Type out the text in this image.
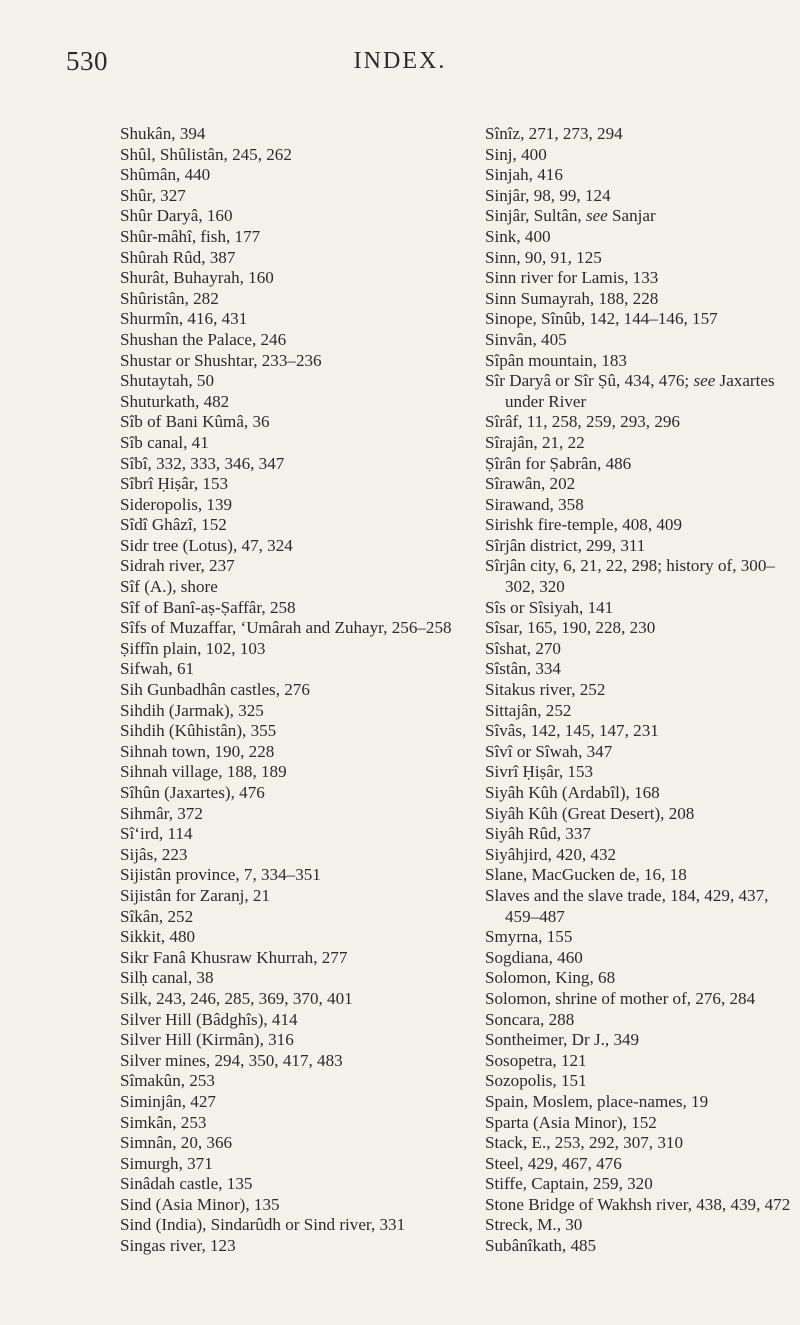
530	INDEX.

Shukân, 394

Shûl, Shûlistân, 245, 262

Shûmân, 440

Shûr, 327

Shûr Daryâ, 160

Shûr-mâhî, fish, 177

Shûrah Rûd, 387

Shurât, Buhayrah, 160

Shûristân, 282

Shurmîn, 416, 431

Shushan the Palace, 246

Shustar or Shushtar, 233–236

Shutaytah, 50

Shuturkath, 482

Sîb of Bani Kûmâ, 36

Sîb canal, 41

Sîbî, 332, 333, 346, 347

Sîbrî Ḥiṣâr, 153

Sideropolis, 139

Sîdî Ghâzî, 152

Sidr tree (Lotus), 47, 324

Sidrah river, 237

Sîf (A.), shore

Sîf of Banî-aṣ-Ṣaffâr, 258

Sîfs of Muzaffar, ‘Umârah and Zuhayr, 256–258

Ṣiffîn plain, 102, 103

Sifwah, 61

Sih Gunbadhân castles, 276

Sihdih (Jarmak), 325

Sihdih (Kûhistân), 355

Sihnah town, 190, 228

Sihnah village, 188, 189

Sîhûn (Jaxartes), 476

Sihmâr, 372

Sî‘ird, 114

Sijâs, 223

Sijistân province, 7, 334–351

Sijistân for Zaranj, 21

Sîkân, 252

Sikkit, 480

Sikr Fanâ Khusraw Khurrah, 277

Silḥ canal, 38

Silk, 243, 246, 285, 369, 370, 401

Silver Hill (Bâdghîs), 414

Silver Hill (Kirmân), 316

Silver mines, 294, 350, 417, 483

Sîmakûn, 253

Siminjân, 427

Simkân, 253

Simnân, 20, 366

Simurgh, 371

Sinâdah castle, 135

Sind (Asia Minor), 135

Sind (India), Sindarûdh or Sind river, 331

Singas river, 123

Sînîz, 271, 273, 294

Sinj, 400

Sinjah, 416

Sinjâr, 98, 99, 124

Sinjâr, Sultân, see Sanjar

Sink, 400

Sinn, 90, 91, 125

Sinn river for Lamis, 133

Sinn Sumayrah, 188, 228

Sinope, Sînûb, 142, 144–146, 157

Sinvân, 405

Sîpân mountain, 183

Sîr Daryâ or Sîr Ṣû, 434, 476; see Jaxartes under River

Sîrâf, 11, 258, 259, 293, 296

Sîrajân, 21, 22

Ṣîrân for Ṣabrân, 486

Sîrawân, 202

Sirawand, 358

Sirishk fire-temple, 408, 409

Sîrjân district, 299, 311

Sîrjân city, 6, 21, 22, 298; history of, 300–302, 320

Sîs or Sîsiyah, 141

Sîsar, 165, 190, 228, 230

Sîshat, 270

Sîstân, 334

Sitakus river, 252

Sittajân, 252

Sîvâs, 142, 145, 147, 231

Sîvî or Sîwah, 347

Sivrî Ḥiṣâr, 153

Siyâh Kûh (Ardabîl), 168

Siyâh Kûh (Great Desert), 208

Siyâh Rûd, 337

Siyâhjird, 420, 432

Slane, MacGucken de, 16, 18

Slaves and the slave trade, 184, 429, 437, 459–487

Smyrna, 155

Sogdiana, 460

Solomon, King, 68

Solomon, shrine of mother of, 276, 284

Soncara, 288

Sontheimer, Dr J., 349

Sosopetra, 121

Sozopolis, 151

Spain, Moslem, place-names, 19

Sparta (Asia Minor), 152

Stack, E., 253, 292, 307, 310

Steel, 429, 467, 476

Stiffe, Captain, 259, 320

Stone Bridge of Wakhsh river, 438, 439, 472

Streck, M., 30

Subânîkath, 485
